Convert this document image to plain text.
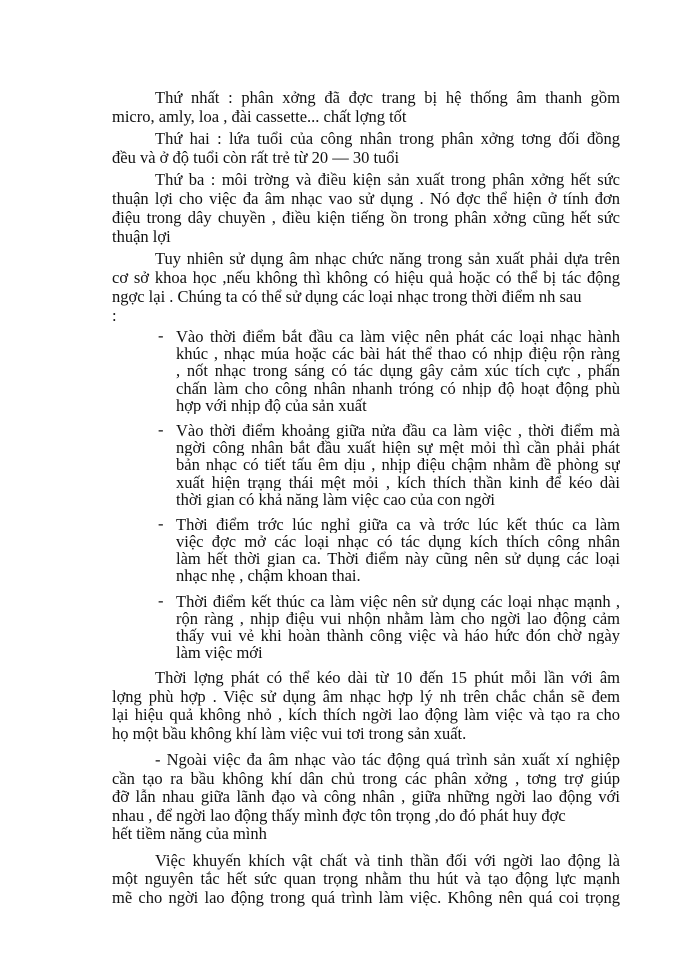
Thứ nhất : phân xởng đã đợc trang bị hệ thống âm thanh gồm
micro, amly, loa , đài cassette... chất lợng tốt
Thứ hai : lứa tuổi của công nhân trong phân xởng tơng đối đồng
đều và ở độ tuổi còn rất trẻ từ 20 — 30 tuổi
Thứ ba : môi trờng và điều kiện sản xuất trong phân xởng hết sức
thuận lợi cho việc đa âm nhạc vao sử dụng . Nó đợc thể hiện ở tính đơn
điệu trong dây chuyền , điều kiện tiếng ồn trong phân xởng cũng hết sức
thuận lợi
Tuy nhiên sử dụng âm nhạc chức năng trong sản xuất phải dựa trên
cơ sở khoa học ,nếu không thì không có hiệu quả hoặc có thể bị tác động
ngợc lại . Chúng ta có thể sử dụng các loại nhạc trong thời điểm nh sau
:
- Vào thời điểm bắt đầu ca làm việc nên phát các loại nhạc hành
khúc , nhạc múa hoặc các bài hát thể thao có nhịp điệu rộn ràng
, nốt nhạc trong sáng có tác dụng gây cảm xúc tích cực , phấn
chấn làm cho công nhân nhanh tróng có nhịp độ hoạt động phù
hợp với nhịp độ của sản xuất
- Vào thời điểm khoảng giữa nửa đầu ca làm việc , thời điểm mà
ngời công nhân bắt đầu xuất hiện sự mệt mỏi thì cần phải phát
bản nhạc có tiết tấu êm dịu , nhịp điệu chậm nhằm đề phòng sự
xuất hiện trạng thái mệt mỏi , kích thích thần kinh để kéo dài
thời gian có khả năng làm việc cao của con ngời
- Thời điểm trớc lúc nghỉ giữa ca và trớc lúc kết thúc ca làm
việc đợc mở các loại nhạc có tác dụng kích thích công nhân
làm hết thời gian ca. Thời điểm này cũng nên sử dụng các loại
nhạc nhẹ , chậm khoan thai.
- Thời điểm kết thúc ca làm việc nên sử dụng các loại nhạc mạnh ,
rộn ràng , nhịp điệu vui nhộn nhằm làm cho ngời lao động cảm
thấy vui vẻ khi hoàn thành công việc và háo hức đón chờ ngày
làm việc mới
Thời lợng phát có thể kéo dài từ 10 đến 15 phút mỗi lần với âm
lợng phù hợp . Việc sử dụng âm nhạc hợp lý nh trên chắc chắn sẽ đem
lại hiệu quả không nhỏ , kích thích ngời lao động làm việc và tạo ra cho
họ một bầu không khí làm việc vui tơi trong sản xuất.
- Ngoài việc đa âm nhạc vào tác động quá trình sản xuất xí nghiệp
cần tạo ra bầu không khí dân chủ trong các phân xởng , tơng trợ giúp
đỡ lẫn nhau giữa lãnh đạo và công nhân , giữa những ngời lao động với
nhau , để ngời lao động thấy mình đợc tôn trọng ,do đó phát huy đợc
hết tiềm năng của mình
Việc khuyến khích vật chất và tinh thần đối với ngời lao động là
một nguyên tắc hết sức quan trọng nhằm thu hút và tạo động lực mạnh
mẽ cho ngời lao động trong quá trình làm việc. Không nên quá coi trọng
